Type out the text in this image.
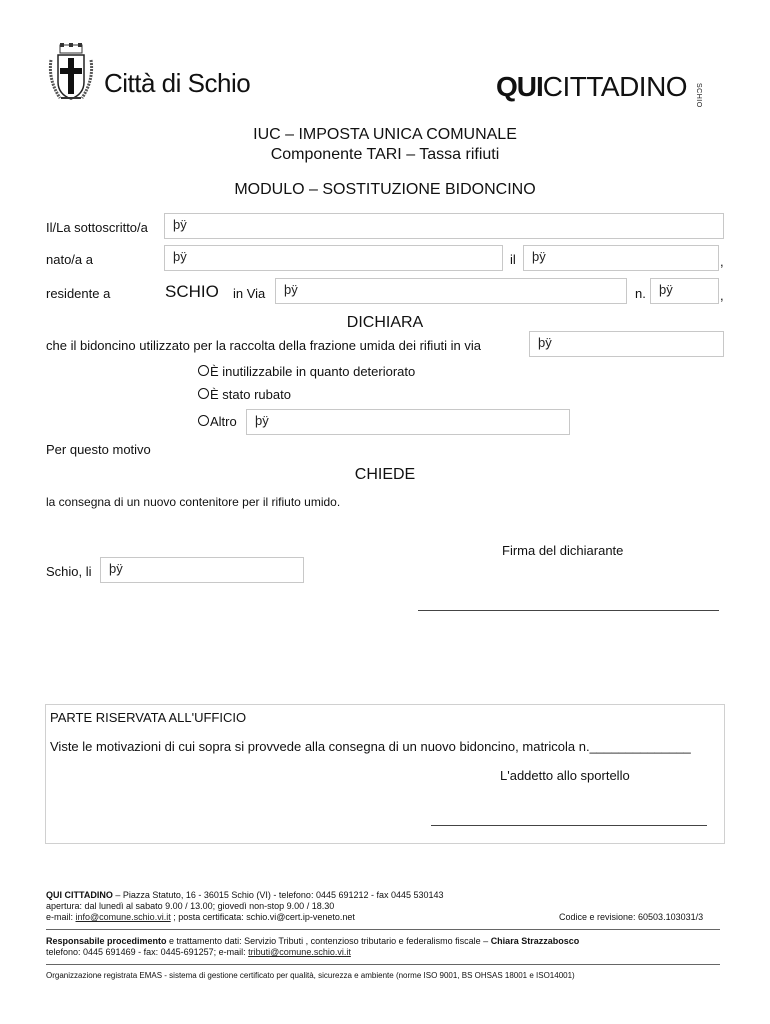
Città di Schio	QUICITTADINO SCHIO
IUC – IMPOSTA UNICA COMUNALE
Componente TARI – Tassa rifiuti
MODULO – SOSTITUZIONE BIDONCINO
Il/La sottoscritto/a	þÿ
nato/a a	þÿ	il	þÿ	,
residente a	SCHIO in Via	þÿ	n.	þÿ	,
DICHIARA
che il bidoncino utilizzato per la raccolta della frazione umida dei rifiuti in via	þÿ
È inutilizzabile in quanto deteriorato
È stato rubato
Altro	þÿ
Per questo motivo
CHIEDE
la consegna di un nuovo contenitore per il rifiuto umido.
Firma del dichiarante
Schio, li	þÿ
PARTE RISERVATA ALL'UFFICIO
Viste le motivazioni di cui sopra si provvede alla consegna di un nuovo bidoncino, matricola n.______________
L'addetto allo sportello
QUI CITTADINO – Piazza Statuto, 16 - 36015 Schio (VI) - telefono: 0445 691212 - fax 0445 530143
apertura: dal lunedì al sabato 9.00 / 13.00; giovedì non-stop 9.00 / 18.30
e-mail: info@comune.schio.vi.it ; posta certificata: schio.vi@cert.ip-veneto.net	Codice e revisione: 60503.103031/3
Responsabile procedimento e trattamento dati: Servizio Tributi , contenzioso tributario e federalismo fiscale – Chiara Strazzabosco
telefono: 0445 691469 - fax: 0445-691257; e-mail: tributi@comune.schio.vi.it
Organizzazione registrata EMAS - sistema di gestione certificato per qualità, sicurezza e ambiente (norme ISO 9001, BS OHSAS 18001 e ISO14001)
